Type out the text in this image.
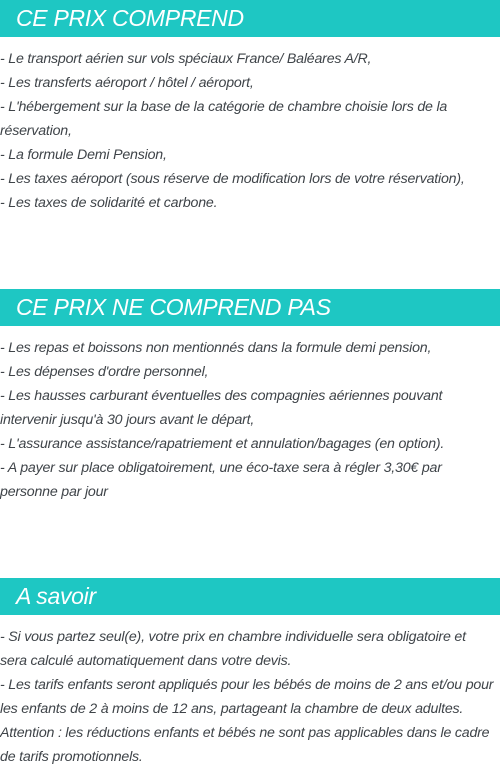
CE PRIX COMPREND
- Le transport aérien sur vols spéciaux France/ Baléares A/R,
- Les transferts aéroport / hôtel / aéroport,
- L'hébergement sur la base de la catégorie de chambre choisie lors de la
réservation,
- La formule Demi Pension,
- Les taxes aéroport (sous réserve de modification lors de votre réservation),
- Les taxes de solidarité et carbone.
CE PRIX NE COMPREND PAS
- Les repas et boissons non mentionnés dans la formule demi pension,
- Les dépenses d'ordre personnel,
- Les hausses carburant éventuelles des compagnies aériennes pouvant
intervenir jusqu'à 30 jours avant le départ,
- L'assurance assistance/rapatriement et annulation/bagages (en option).
- A payer sur place obligatoirement, une éco-taxe sera à régler 3,30€ par
personne par jour
A savoir
- Si vous partez seul(e), votre prix en chambre individuelle sera obligatoire et
sera calculé automatiquement dans votre devis.
- Les tarifs enfants seront appliqués pour les bébés de moins de 2 ans et/ou pour
les enfants de 2 à moins de 12 ans, partageant la chambre de deux adultes.
Attention : les réductions enfants et bébés ne sont pas applicables dans le cadre
de tarifs promotionnels.
